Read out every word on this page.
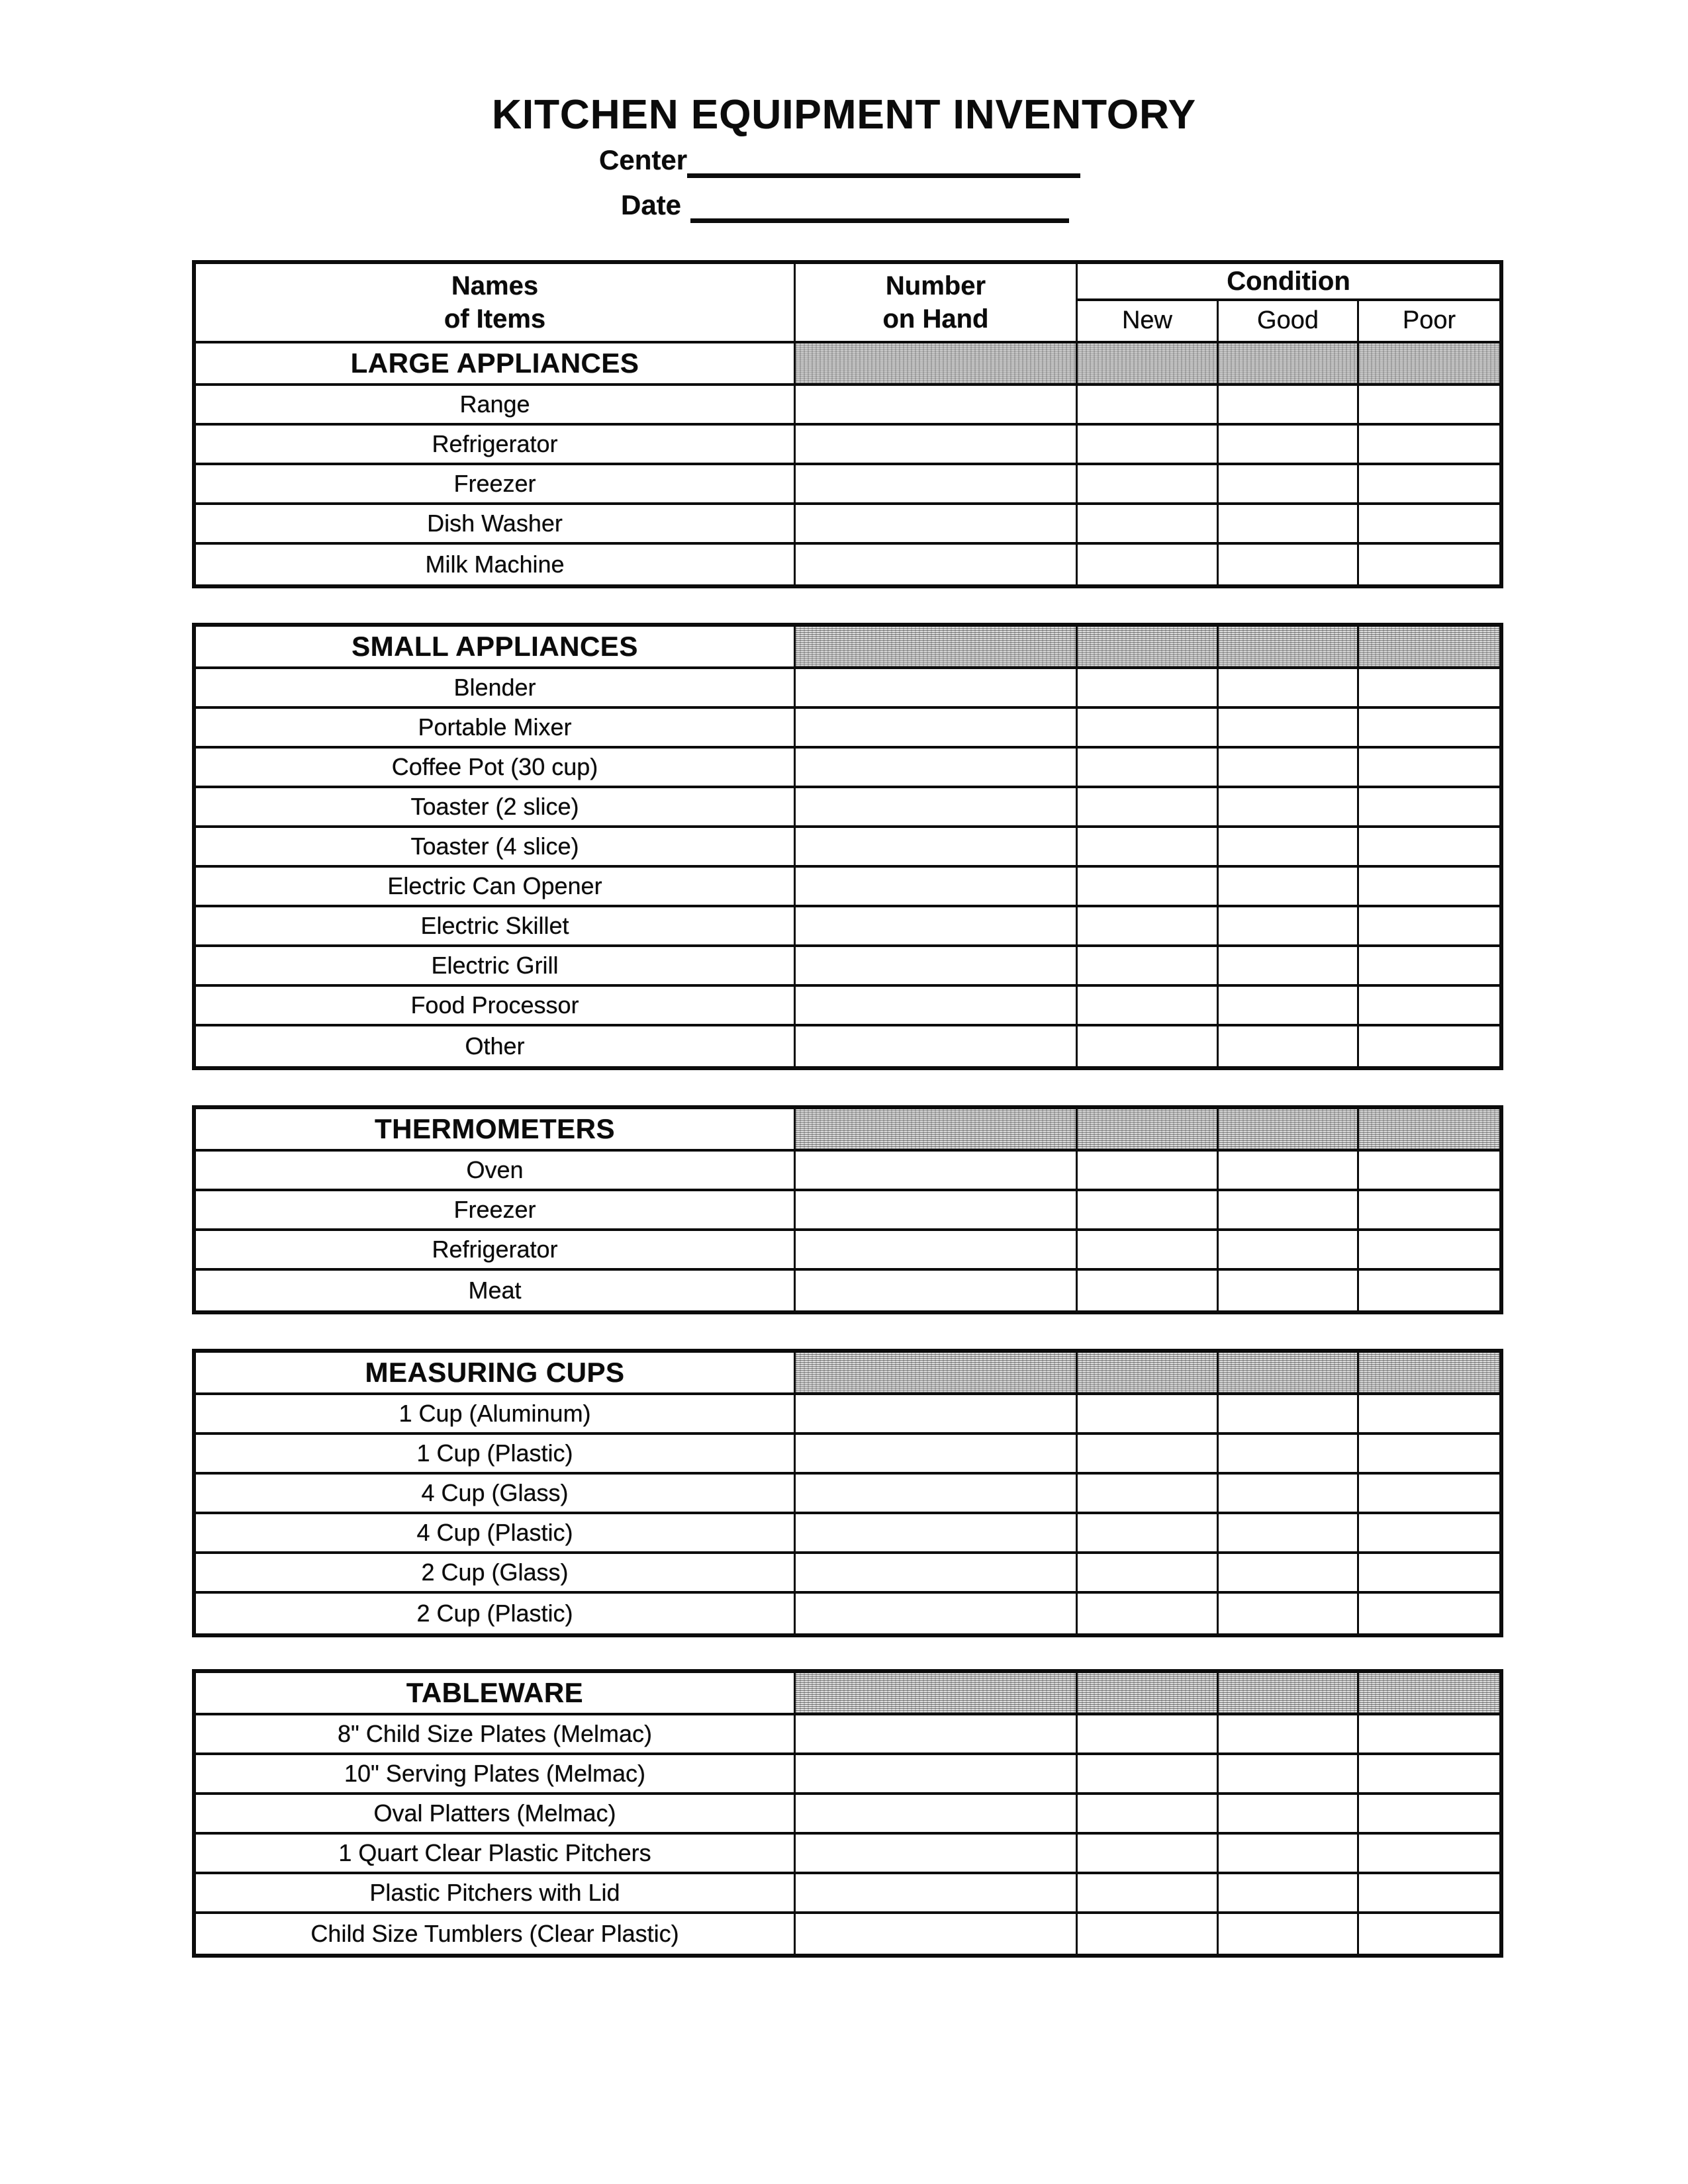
KITCHEN EQUIPMENT INVENTORY
Center
Date
Names
of Items
Number
on Hand
Condition
New	Good	Poor
LARGE APPLIANCES
Range
Refrigerator
Freezer
Dish Washer
Milk Machine
SMALL APPLIANCES
Blender
Portable Mixer
Coffee Pot (30 cup)
Toaster (2 slice)
Toaster (4 slice)
Electric Can Opener
Electric Skillet
Electric Grill
Food Processor
Other
THERMOMETERS
Oven
Freezer
Refrigerator
Meat
MEASURING CUPS
1 Cup (Aluminum)
1 Cup (Plastic)
4 Cup (Glass)
4 Cup (Plastic)
2 Cup (Glass)
2 Cup (Plastic)
TABLEWARE
8" Child Size Plates (Melmac)
10" Serving Plates (Melmac)
Oval Platters (Melmac)
1 Quart Clear Plastic Pitchers
Plastic Pitchers with Lid
Child Size Tumblers (Clear Plastic)
